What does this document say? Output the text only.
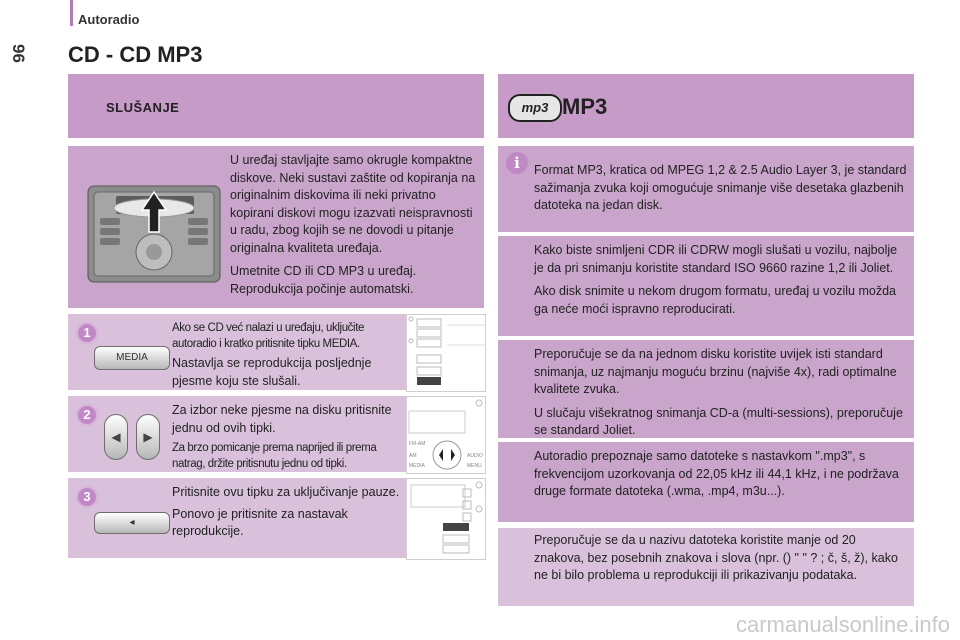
Autoradio
96 CD - CD MP3
SLUŠANJE

U uređaj stavljajte samo okrugle kompaktne diskove. Neki sustavi zaštite od kopiranja na originalnim diskovima ili neki privatno kopirani diskovi mogu izazvati neispravnosti u radu, zbog kojih se ne dovodi u pitanje originalna kvaliteta uređaja.

Umetnite CD ili CD MP3 u uređaj. Reprodukcija počinje automatski.

1
MEDIA
Ako se CD već nalazi u uređaju, uključite autoradio i kratko pritisnite tipku MEDIA.
Nastavlja se reprodukcija posljednje pjesme koju ste slušali.
2
◀	▶
Za izbor neke pjesme na disku pritisnite jednu od ovih tipki.
Za brzo pomicanje prema naprijed ili prema natrag, držite pritisnutu jednu od tipki.
FM-AM
AM
MEDIA
AUDIO
MENU
3
◂
Pritisnite ovu tipku za uključivanje pauze.
Ponovo je pritisnite za nastavak reprodukcije.
mp3 MP3
i	Format MP3, kratica od MPEG 1,2 & 2.5 Audio Layer 3, je standard sažimanja zvuka koji omogućuje snimanje više desetaka glazbenih datoteka na jedan disk.

Kako biste snimljeni CDR ili CDRW mogli slušati u vozilu, najbolje je da pri snimanju koristite standard ISO 9660 razine 1,2 ili Joliet.

Ako disk snimite u nekom drugom formatu, uređaj u vozilu možda ga neće moći ispravno reproducirati.

Preporučuje se da na jednom disku koristite uvijek isti standard snimanja, uz najmanju moguću brzinu (najviše 4x), radi optimalne kvalitete zvuka.

U slučaju višekratnog snimanja CD-a (multi-sessions), preporučuje se standard Joliet.

Autoradio prepoznaje samo datoteke s nastavkom ".mp3", s frekvencijom uzorkovanja od 22,05 kHz ili 44,1 kHz, i ne podržava druge formate datoteka (.wma, .mp4, m3u...).

Preporučuje se da u nazivu datoteka koristite manje od 20 znakova, bez posebnih znakova i slova (npr. () " " ? ; č, š, ž), kako ne bi bilo problema u reprodukciji ili prikazivanju podataka.

carmanualsonline.info
